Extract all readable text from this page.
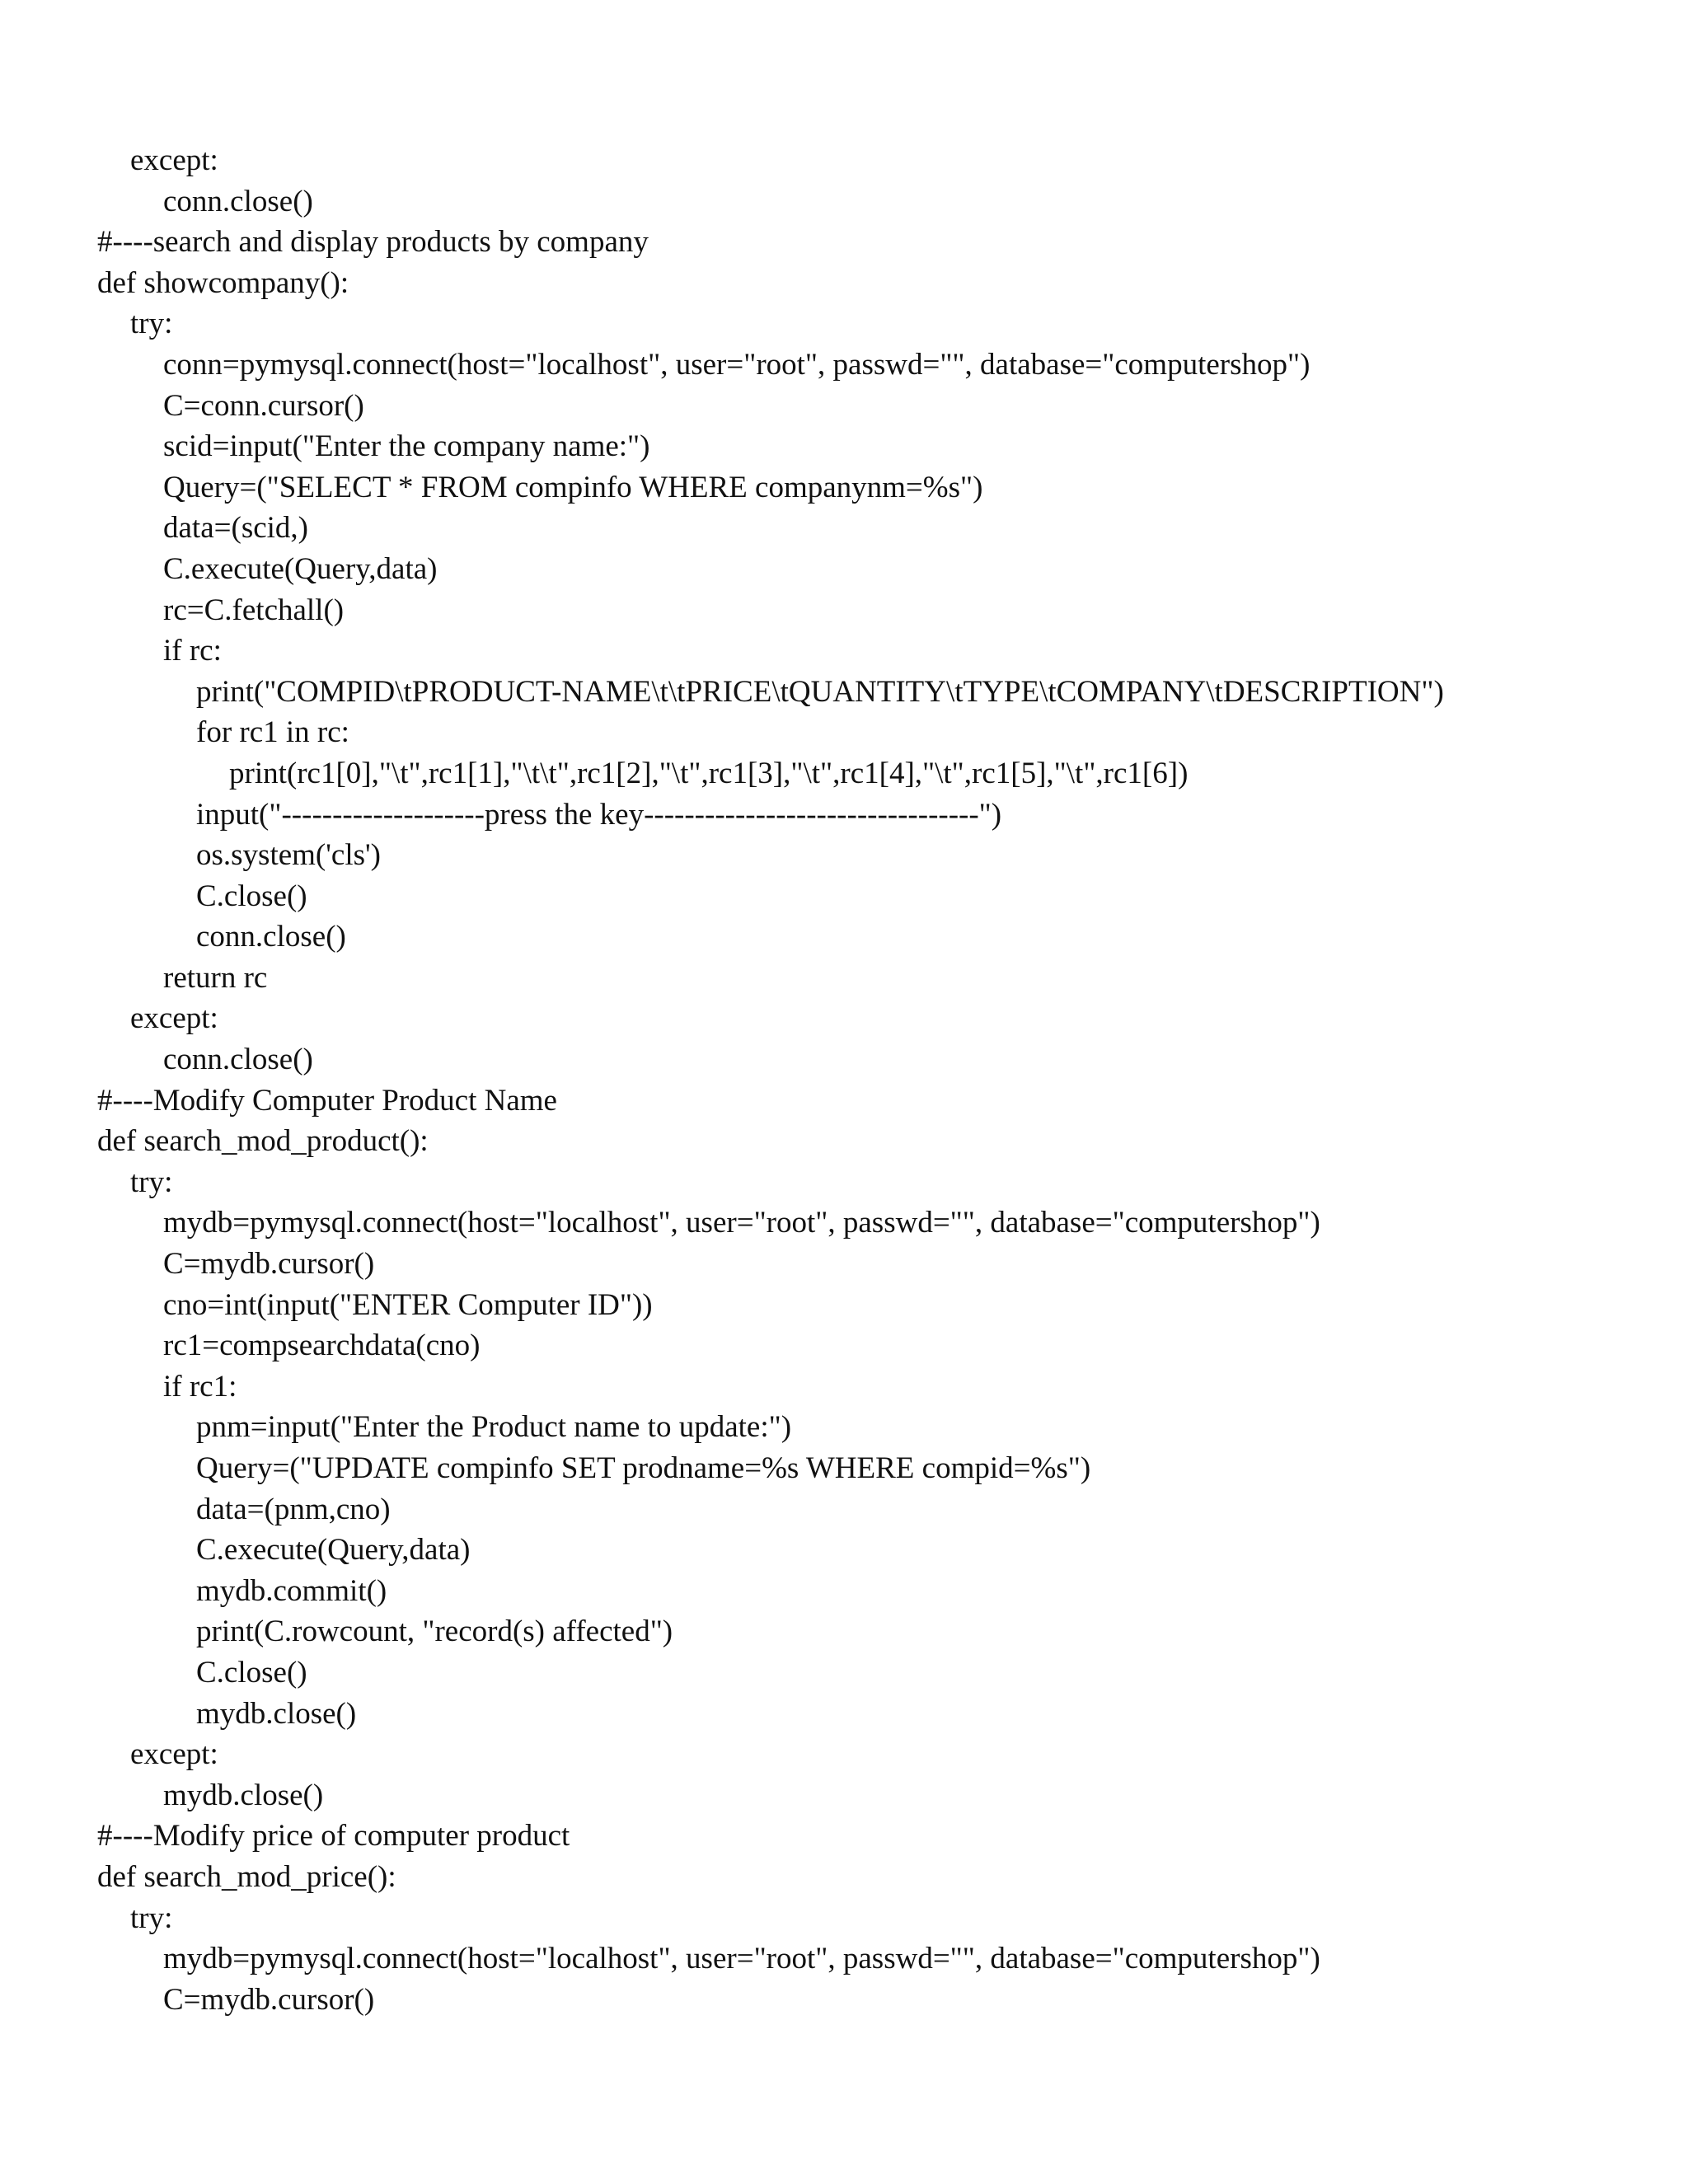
except:
conn.close()
#----search and display products by company
def showcompany():
try:
conn=pymysql.connect(host="localhost", user="root", passwd="", database="computershop")
C=conn.cursor()
scid=input("Enter the company name:")
Query=("SELECT * FROM compinfo WHERE companynm=%s")
data=(scid,)
C.execute(Query,data)
rc=C.fetchall()
if rc:
print("COMPID\tPRODUCT-NAME\t\tPRICE\tQUANTITY\tTYPE\tCOMPANY\tDESCRIPTION")
for rc1 in rc:
print(rc1[0],"\t",rc1[1],"\t\t",rc1[2],"\t",rc1[3],"\t",rc1[4],"\t",rc1[5],"\t",rc1[6])
input("--------------------press the key---------------------------------")
os.system('cls')
C.close()
conn.close()
return rc
except:
conn.close()
#----Modify Computer Product Name
def search_mod_product():
try:
mydb=pymysql.connect(host="localhost", user="root", passwd="", database="computershop")
C=mydb.cursor()
cno=int(input("ENTER Computer ID"))
rc1=compsearchdata(cno)
if rc1:
pnm=input("Enter the Product name to update:")
Query=("UPDATE compinfo SET prodname=%s WHERE compid=%s")
data=(pnm,cno)
C.execute(Query,data)
mydb.commit()
print(C.rowcount, "record(s) affected")
C.close()
mydb.close()
except:
mydb.close()
#----Modify price of computer product
def search_mod_price():
try:
mydb=pymysql.connect(host="localhost", user="root", passwd="", database="computershop")
C=mydb.cursor()
